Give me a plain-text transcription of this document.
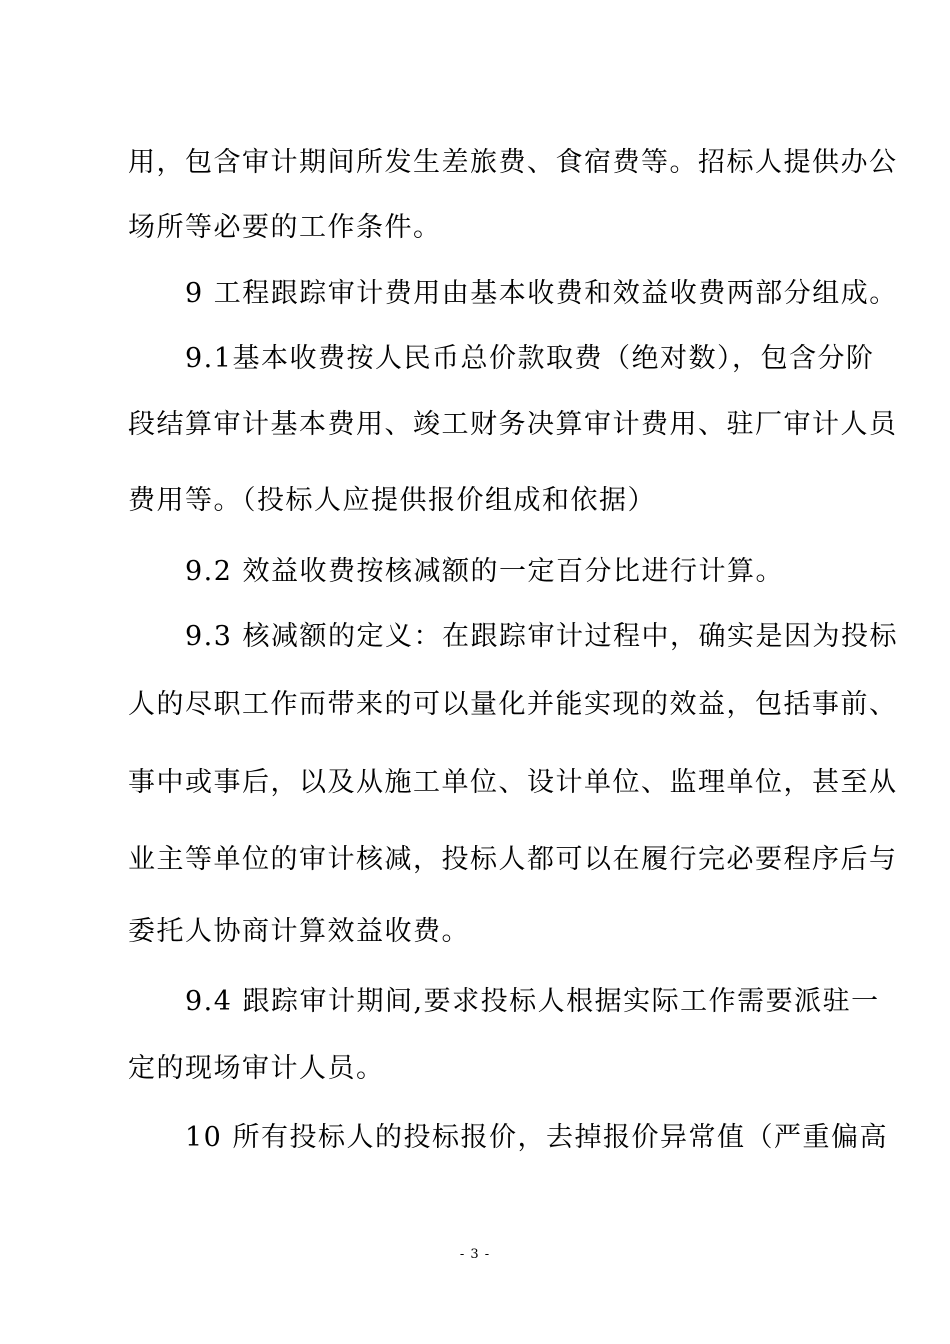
用，包含审计期间所发生差旅费、食宿费等。招标人提供办公
场所等必要的工作条件。
9 工程跟踪审计费用由基本收费和效益收费两部分组成。
9.1基本收费按人民币总价款取费（绝对数），包含分阶
段结算审计基本费用、竣工财务决算审计费用、驻厂审计人员
费用等。（投标人应提供报价组成和依据）
9.2 效益收费按核减额的一定百分比进行计算。
9.3 核减额的定义：在跟踪审计过程中，确实是因为投标
人的尽职工作而带来的可以量化并能实现的效益，包括事前、
事中或事后，以及从施工单位、设计单位、监理单位，甚至从
业主等单位的审计核减，投标人都可以在履行完必要程序后与
委托人协商计算效益收费。
9.4 跟踪审计期间,要求投标人根据实际工作需要派驻一
定的现场审计人员。
10 所有投标人的投标报价，去掉报价异常值（严重偏高
- 3 -
